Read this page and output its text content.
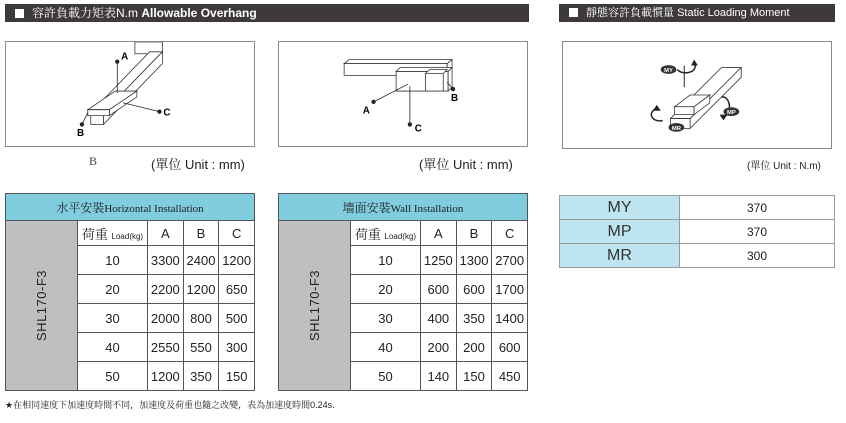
容許負載力矩表N.m Allowable Overhang	靜態容許負載慣量 Static Loading Moment
A
C
B
A
C
B
MY
MP
MR
B	(單位 Unit : mm)	(單位 Unit : mm)	(單位 Unit : N.m)
水平安裝Horizontal Installation				
SHL170-F3	荷重 Load(kg)	A	B	C
	10	3300	2400	1200
	20	2200	1200	650
	30	2000	800	500
	40	2550	550	300
	50	1200	350	150
墻面安裝Wall Installation				
SHL170-F3	荷重 Load(kg)	A	B	C
	10	1250	1300	2700
	20	600	600	1700
	30	400	350	1400
	40	200	200	600
	50	140	150	450
MY	370
MP	370
MR	300
★在相同速度下加速度時間不同，加速度及荷重也隨之改變，表為加速度時間0.24s.
